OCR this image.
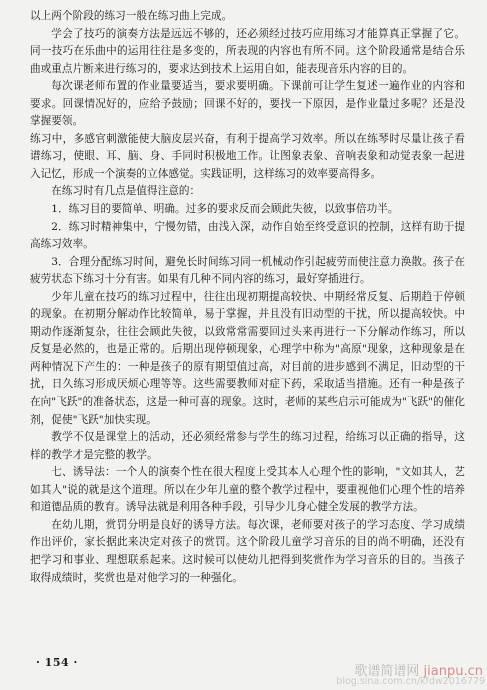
以上两个阶段的练习一般在练习曲上完成。

学会了技巧的演奏方法是远远不够的，还必须经过技巧应用练习才能算真正掌握了它。同一技巧在乐曲中的运用往往是多变的，所表现的内容也有所不同。这个阶段通常是结合乐曲或重点片断来进行练习的，要求达到技术上运用自如，能表现音乐内容的目的。

每次课老师布置的作业量要适当，要求要明确。下课前可让学生复述一遍作业的内容和要求。回课情况好的，应给予鼓励；回课不好的，要找一下原因，是作业量过多呢？还是没掌握要领。

练习中，多感官刺激能使大脑皮层兴奋，有利于提高学习效率。所以在练琴时尽量让孩子看谱练习，使眼、耳、脑、身、手同时积极地工作。让图象表象、音响表象和动觉表象一起进入记忆，形成一个演奏的立体感觉。实践证明，这样练习的效率要高得多。

在练习时有几点是值得注意的：

1．练习目的要简单、明确。过多的要求反而会顾此失彼，以致事倍功半。

2．练习时精神集中，宁慢勿错，由浅入深，动作自始至终受意识的控制，这样有助于提高练习效率。

3．合理分配练习时间，避免长时间练习同一机械动作引起疲劳而使注意力涣散。孩子在疲劳状态下练习十分有害。如果有几种不同内容的练习，最好穿插进行。

少年儿童在技巧的练习过程中，往往出现初期提高较快、中期经常反复、后期趋于停顿的现象。在初期分解动作比较简单，易于掌握，并且没有旧动型的干扰，所以提高较快。中期动作逐渐复杂，往往会顾此失彼，以致常常需要回过头来再进行一下分解动作练习，所以反复是必然的，也是正常的。后期出现停顿现象，心理学中称为"高原"现象，这种现象是在两种情况下产生的：一种是孩子的原有期望值过高，对目前的进步感到不满足，旧动型的干扰，日久练习形成厌烦心理等等。这些需要教师对症下药，采取适当措施。还有一种是孩子在向"飞跃"的准备状态，这是一种可喜的现象。这时，老师的某些启示可能成为"飞跃"的催化剂，促使"飞跃"加快实现。

教学不仅是课堂上的活动，还必须经常参与学生的练习过程，给练习以正确的指导，这样的教学才是完整的教学。

七、诱导法：一个人的演奏个性在很大程度上受其本人心理个性的影响，"文如其人，艺如其人"说的就是这个道理。所以在少年儿童的整个教学过程中，要重视他们心理个性的培养和道德品质的教育。诱导法就是利用各种手段，引导少儿身心健全发展的教学方法。

在幼儿期，赏罚分明是良好的诱导方法。每次课，老师要对孩子的学习态度、学习成绩作出评价，家长据此来决定对孩子的赏罚。这个阶段儿童学习音乐的目的尚不明确，还没有把学习和事业、理想联系起来。这时候可以使幼儿把得到奖赏作为学习音乐的目的。当孩子取得成绩时，奖赏也是对他学习的一种强化。

· 154 ·
歌谱简谱网 jianpu.cn
blog.sina.com.cn/kfdw2016779
